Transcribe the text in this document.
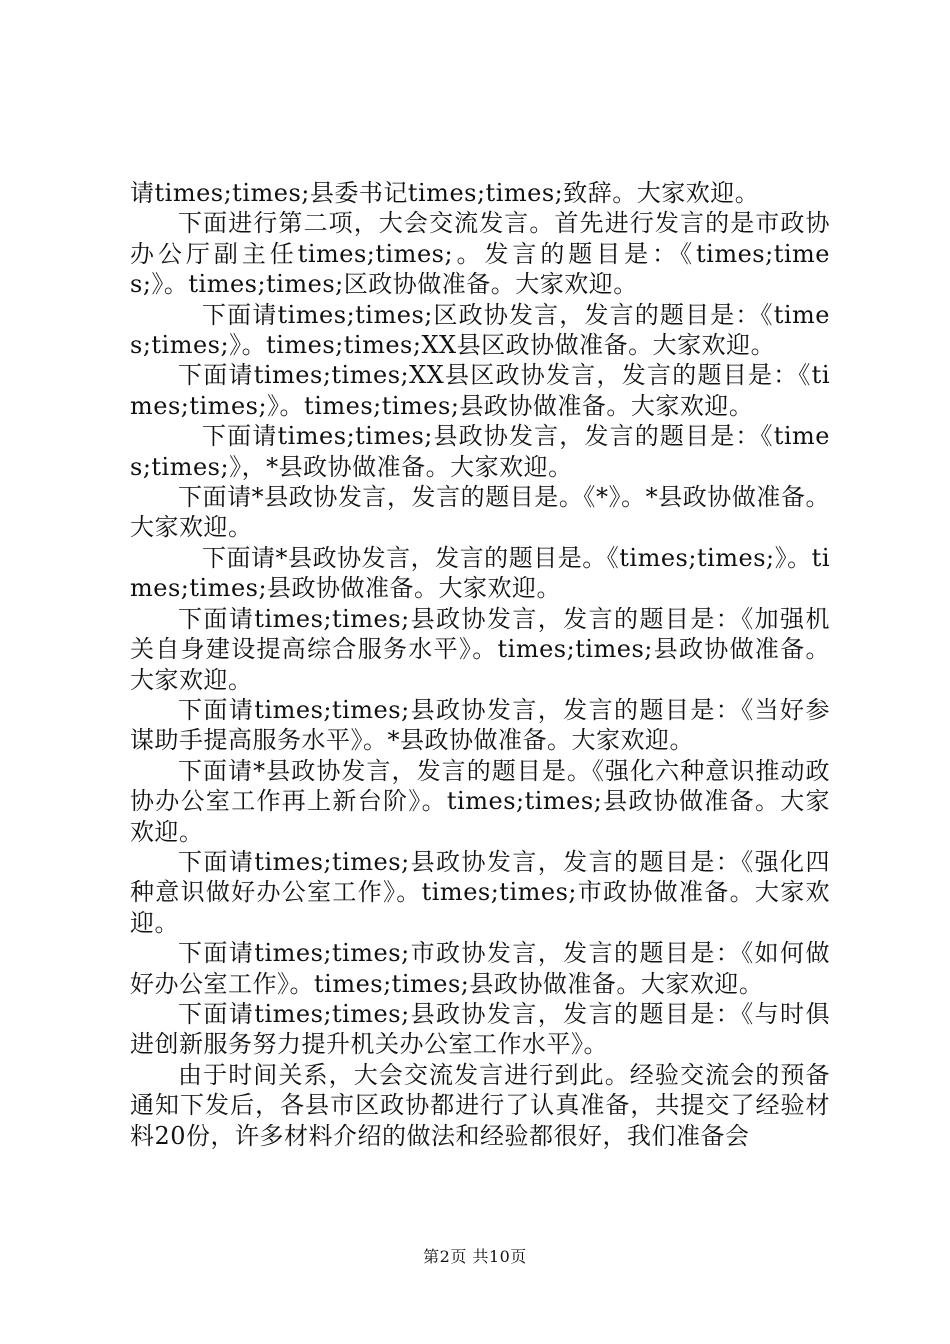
请times;times;县委书记times;times;致辞。大家欢迎。

下面进行第二项，大会交流发言。首先进行发言的是市政协办公厅副主任times;times;。发言的题目是：《times;times;》。times;times;区政协做准备。大家欢迎。

下面请times;times;区政协发言，发言的题目是：《times;times;》。times;times;XX县区政协做准备。大家欢迎。

下面请times;times;XX县区政协发言，发言的题目是：《times;times;》。times;times;县政协做准备。大家欢迎。

下面请times;times;县政协发言，发言的题目是：《times;times;》，*县政协做准备。大家欢迎。

下面请*县政协发言，发言的题目是。《*》。*县政协做准备。大家欢迎。

下面请*县政协发言，发言的题目是。《times;times;》。times;times;县政协做准备。大家欢迎。

下面请times;times;县政协发言，发言的题目是：《加强机关自身建设提高综合服务水平》。times;times;县政协做准备。大家欢迎。

下面请times;times;县政协发言，发言的题目是：《当好参谋助手提高服务水平》。*县政协做准备。大家欢迎。

下面请*县政协发言，发言的题目是。《强化六种意识推动政协办公室工作再上新台阶》。times;times;县政协做准备。大家欢迎。

下面请times;times;县政协发言，发言的题目是：《强化四种意识做好办公室工作》。times;times;市政协做准备。大家欢迎。

下面请times;times;市政协发言，发言的题目是：《如何做好办公室工作》。times;times;县政协做准备。大家欢迎。

下面请times;times;县政协发言，发言的题目是：《与时俱进创新服务努力提升机关办公室工作水平》。

由于时间关系，大会交流发言进行到此。经验交流会的预备通知下发后，各县市区政协都进行了认真准备，共提交了经验材料20份，许多材料介绍的做法和经验都很好，我们准备会

第2页 共10页
